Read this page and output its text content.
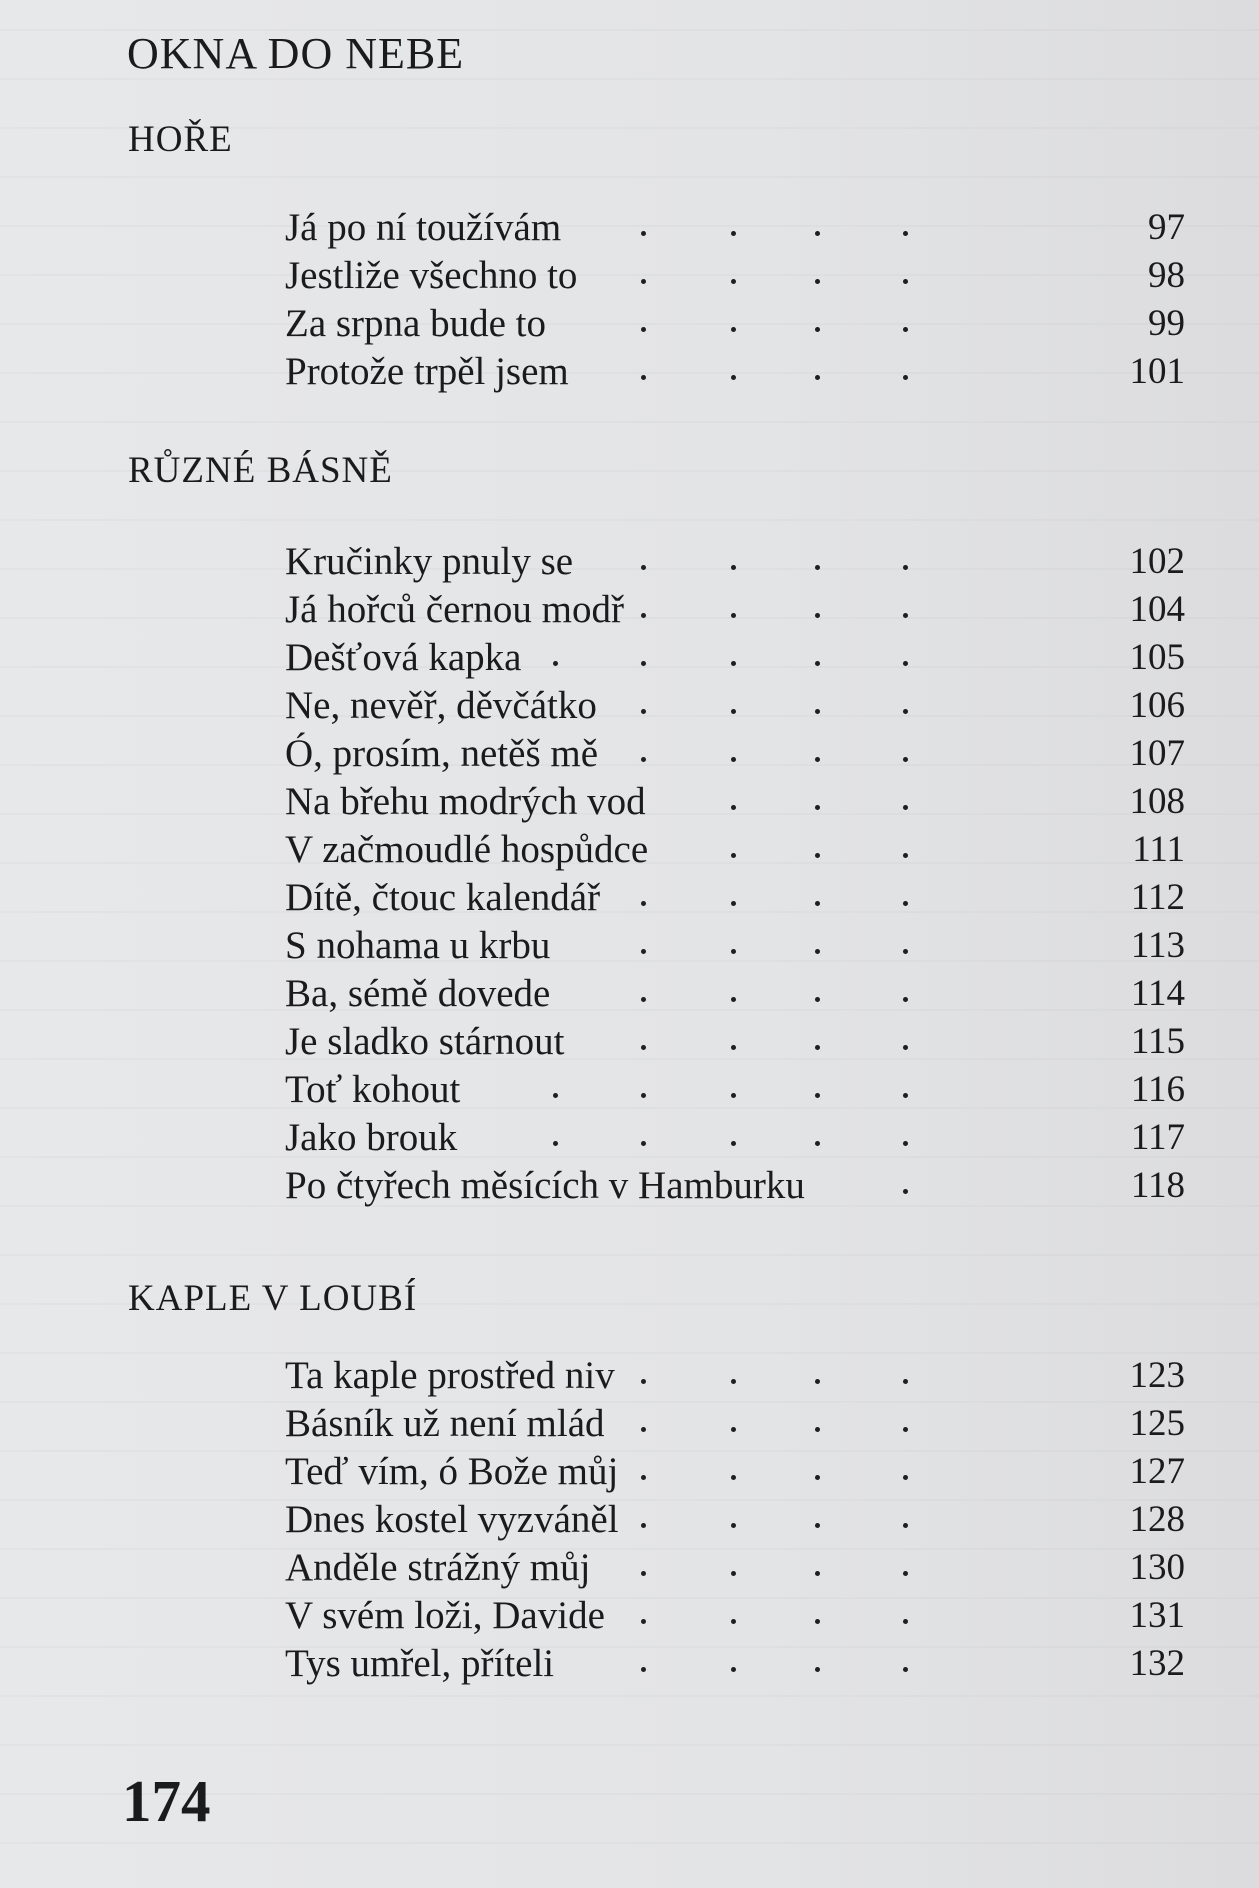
OKNA DO NEBE
HOŘE
Já po ní toužívám	97
Jestliže všechno to	98
Za srpna bude to	99
Protože trpěl jsem	101
RŮZNÉ BÁSNĚ
Kručinky pnuly se	102
Já hořců černou modř	104
Dešťová kapka	105
Ne, nevěř, děvčátko	106
Ó, prosím, netěš mě	107
Na břehu modrých vod	108
V začmoudlé hospůdce	111
Dítě, čtouc kalendář	112
S nohama u krbu	113
Ba, sémě dovede	114
Je sladko stárnout	115
Toť kohout	116
Jako brouk	117
Po čtyřech měsících v Hamburku	118
KAPLE V LOUBÍ
Ta kaple prostřed niv	123
Básník už není mlád	125
Teď vím, ó Bože můj	127
Dnes kostel vyzváněl	128
Anděle strážný můj	130
V svém loži, Davide	131
Tys umřel, příteli	132
174
